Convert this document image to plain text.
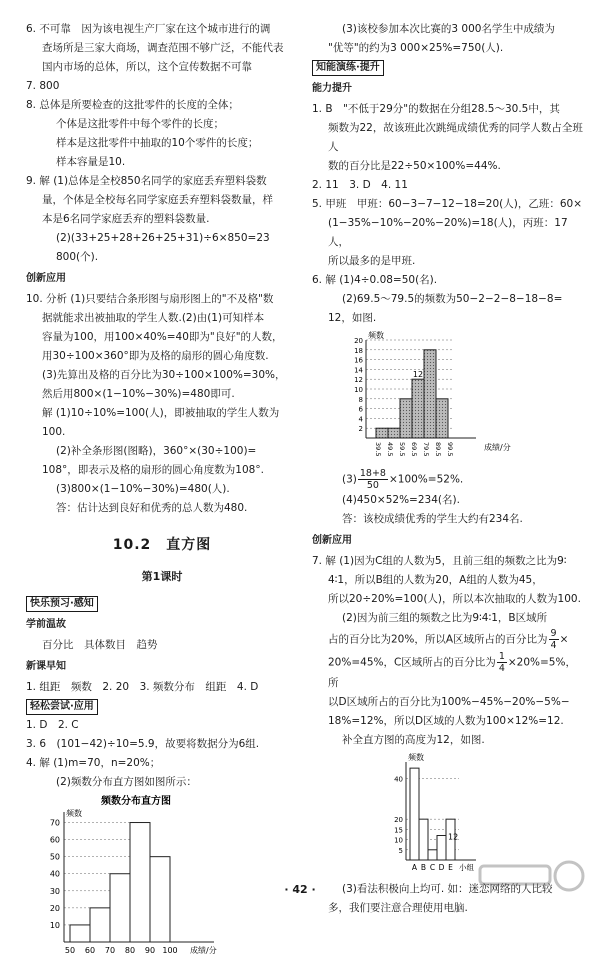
6. 不可靠　因为该电视生产厂家在这个城市进行的调

查场所是三家大商场，调查范围不够广泛，不能代表

国内市场的总体，所以，这个宣传数据不可靠

7. 800

8. 总体是所要检查的这批零件的长度的全体；

个体是这批零件中每个零件的长度；

样本是这批零件中抽取的10个零件的长度；

样本容量是10.

9. 解 (1)总体是全校850名同学的家庭丢弃塑料袋数

量，个体是全校每名同学家庭丢弃塑料袋数量，样

本是6名同学家庭丢弃的塑料袋数量.

(2)(33+25+28+26+25+31)÷6×850=23 800(个).

创新应用

10. 分析 (1)只要结合条形图与扇形图上的"不及格"数

据就能求出被抽取的学生人数.(2)由(1)可知样本

容量为100，用100×40%=40即为"良好"的人数，

用30÷100×360°即为及格的扇形的圆心角度数.

(3)先算出及格的百分比为30÷100×100%=30%，

然后用800×(1−10%−30%)=480即可.

解 (1)10÷10%=100(人)，即被抽取的学生人数为100.

(2)补全条形图(图略)，360°×(30÷100)=

108°，即表示及格的扇形的圆心角度数为108°.

(3)800×(1−10%−30%)=480(人).

答：估计达到良好和优秀的总人数为480.

10.2　直方图
第1课时

快乐预习·感知

学前温故

百分比　具体数目　趋势

新课早知

1. 组距　频数　2. 20　3. 频数分布　组距　4. D

轻松尝试·应用

1. D　2. C

3. 6　(101−42)÷10=5.9，故要将数据分为6组.

4. 解 (1)m=70，n=20%；

(2)频数分布直方图如图所示：

频数分布直方图
频数
10
20
30
40
50
60
70
50 60 70 80 90 100 成绩/分

(3)该校参加本次比赛的3 000名学生中成绩为

"优等"的约为3 000×25%=750(人).

知能演练·提升

能力提升

1. B　"不低于29分"的数据在分组28.5～30.5中，其

频数为22，故该班此次跳绳成绩优秀的同学人数占全班人

数的百分比是22÷50×100%=44%.

2. 11　3. D　4. 11

5. 甲班　甲班：60−3−7−12−18=20(人)，乙班：60×

(1−35%−10%−20%−20%)=18(人)，丙班：17人，

所以最多的是甲班.

6. 解 (1)4÷0.08=50(名).

(2)69.5～79.5的频数为50−2−2−8−18−8=

12，如图.

频数
2
4
6
8
10
12
14
16
18
20
12
39.5 49.5 59.5 69.5 79.5 89.5 99.5	成绩/分

$(3) \frac{18+8}{50} \times 100\%=52\%$.

(4)450×52%=234(名).

答：该校成绩优秀的学生大约有234名.

创新应用

7. 解 (1)因为C组的人数为5，且前三组的频数之比为9∶

4∶1，所以B组的人数为20，A组的人数为45，

所以20÷20%=100(人)，所以本次抽取的人数为100.

(2)因为前三组的频数之比为9∶4∶1，B区域所

占的百分比为20%，所以A区域所占的百分比为 $\frac{9}{4}$ ×

20%=45%，C区域所占的百分比为 $\frac{1}{4} \times 20\%=5\%$，所

以D区域所占的百分比为100%−45%−20%−5%−

18%=12%，所以D区域的人数为100×12%=12.

补全直方图的高度为12，如图.

频数
5
10
15
20
40
12
A B C D E 小组

(3)看法积极向上均可. 如：迷恋网络的人比较

多，我们要注意合理使用电脑.

· 42 ·
